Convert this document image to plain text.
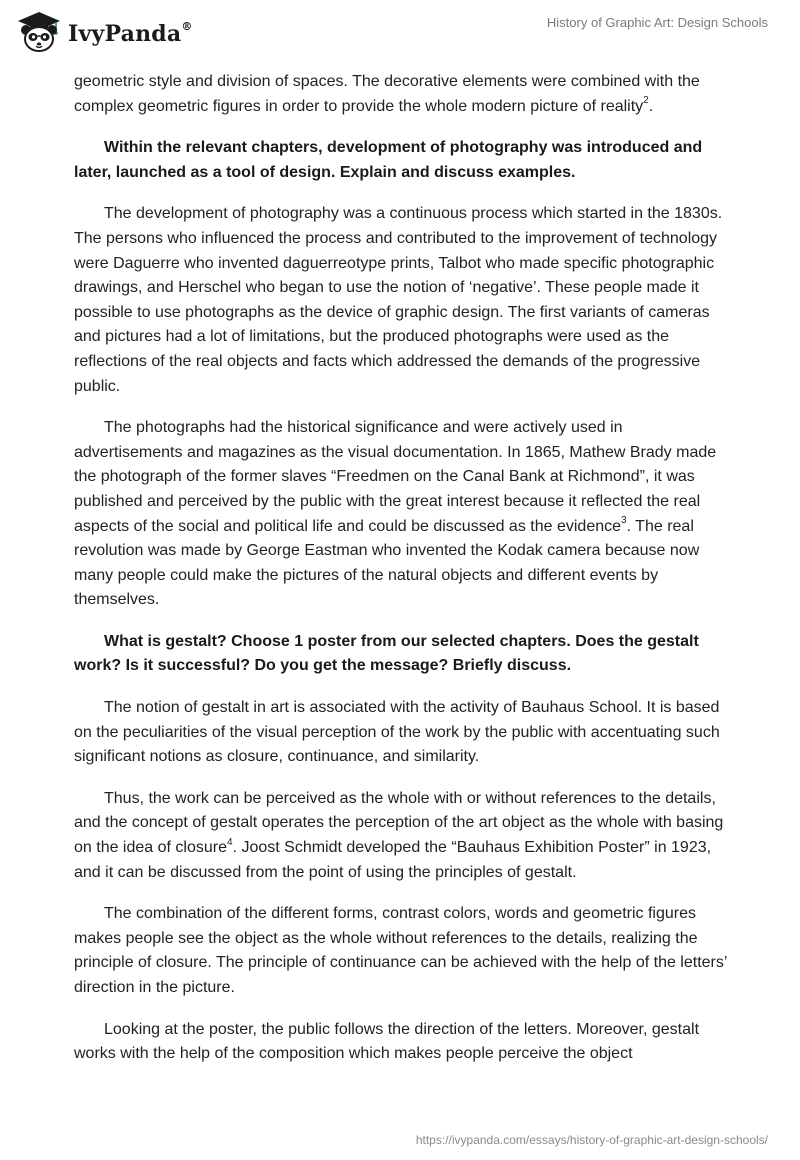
IvyPanda®	History of Graphic Art: Design Schools

geometric style and division of spaces. The decorative elements were combined with the complex geometric figures in order to provide the whole modern picture of reality$^2$.

Within the relevant chapters, development of photography was introduced and later, launched as a tool of design. Explain and discuss examples.

The development of photography was a continuous process which started in the 1830s. The persons who influenced the process and contributed to the improvement of technology were Daguerre who invented daguerreotype prints, Talbot who made specific photographic drawings, and Herschel who began to use the notion of ‘negative’. These people made it possible to use photographs as the device of graphic design. The first variants of cameras and pictures had a lot of limitations, but the produced photographs were used as the reflections of the real objects and facts which addressed the demands of the progressive public.

The photographs had the historical significance and were actively used in advertisements and magazines as the visual documentation. In 1865, Mathew Brady made the photograph of the former slaves “Freedmen on the Canal Bank at Richmond”, it was published and perceived by the public with the great interest because it reflected the real aspects of the social and political life and could be discussed as the evidence$^3$. The real revolution was made by George Eastman who invented the Kodak camera because now many people could make the pictures of the natural objects and different events by themselves.

What is gestalt? Choose 1 poster from our selected chapters. Does the gestalt work? Is it successful? Do you get the message? Briefly discuss.

The notion of gestalt in art is associated with the activity of Bauhaus School. It is based on the peculiarities of the visual perception of the work by the public with accentuating such significant notions as closure, continuance, and similarity.

Thus, the work can be perceived as the whole with or without references to the details, and the concept of gestalt operates the perception of the art object as the whole with basing on the idea of closure$^4$. Joost Schmidt developed the “Bauhaus Exhibition Poster” in 1923, and it can be discussed from the point of using the principles of gestalt.

The combination of the different forms, contrast colors, words and geometric figures makes people see the object as the whole without references to the details, realizing the principle of closure. The principle of continuance can be achieved with the help of the letters’ direction in the picture.

Looking at the poster, the public follows the direction of the letters. Moreover, gestalt works with the help of the composition which makes people perceive the object

https://ivypanda.com/essays/history-of-graphic-art-design-schools/
